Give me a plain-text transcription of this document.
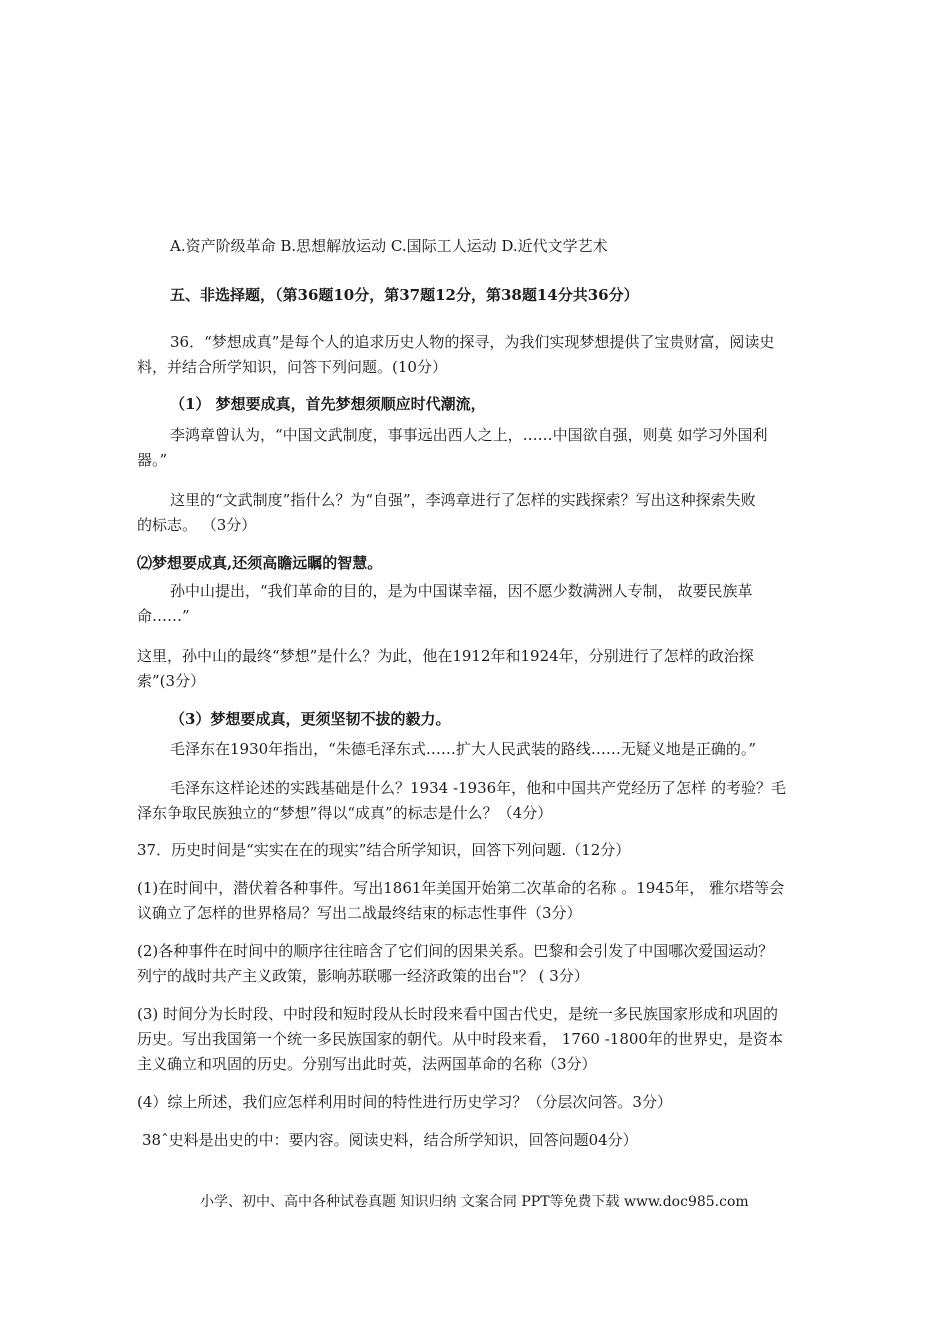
A.资产阶级革命 B.思想解放运动 C.国际工人运动 D.近代文学艺术

五、非选择题，（第36题10分，第37题12分，第38题14分共36分）

36．“梦想成真”是每个人的追求历史人物的探寻，为我们实现梦想提供了宝贵财富，阅读史

料，并结合所学知识，问答下列问题。(10分）

（1） 梦想要成真，首先梦想须顺应时代潮流，

李鸿章曾认为，“中国文武制度，事事远出西人之上，……中国欲自强，则莫 如学习外国利

器。”

这里的“文武制度”指什么？为“自强”，李鸿章进行了怎样的实践探索？写出这种探索失败

的标志。 （3分）

⑵梦想要成真,还须高瞻远瞩的智慧。

孙中山提出，“我们革命的目的，是为中国谋幸福，因不愿少数满洲人专制， 故要民族革

命……”

这里，孙中山的最终“梦想”是什么？为此，他在1912年和1924年，分别进行了怎样的政治探

索”(3分）

（3）梦想要成真，更须坚韧不拔的毅力。

毛泽东在1930年指出，“朱德毛泽东式……扩大人民武装的路线……无疑义地是正确的。”

毛泽东这样论述的实践基础是什么？1934 -1936年，他和中国共产党经历了怎样 的考验？毛

泽东争取民族独立的“梦想”得以“成真”的标志是什么？（4分）

37．历史时间是“实实在在的现实”结合所学知识，回答下列问题.（12分）

(1)在时间中，潜伏着各种事件。写出1861年美国开始第二次革命的名称 。1945年， 雅尔塔等会

议确立了怎样的世界格局？写出二战最终结束的标志性事件（3分）

(2)各种事件在时间中的顺序往往暗含了它们间的因果关系。巴黎和会引发了中国哪次爱国运动？

列宁的战时共产主义政策，影响苏联哪一经济政策的出台"？ ( 3分）

(3) 时间分为长时段、中时段和短时段从长时段来看中国古代史，是统一多民族国家形成和巩固的

历史。写出我国第一个统一多民族国家的朝代。从中时段来看， 1760 -1800年的世界史，是资本

主义确立和巩固的历史。分别写出此时英，法两国革命的名称（3分）

(4）综上所述，我们应怎样利用时间的特性进行历史学习？（分层次问答。3分）

38ˆ史料是出史的中：要内容。阅读史料，结合所学知识，回答问题04分）

小学、初中、高中各种试卷真题 知识归纳 文案合同 PPT等免费下载 www.doc985.com
